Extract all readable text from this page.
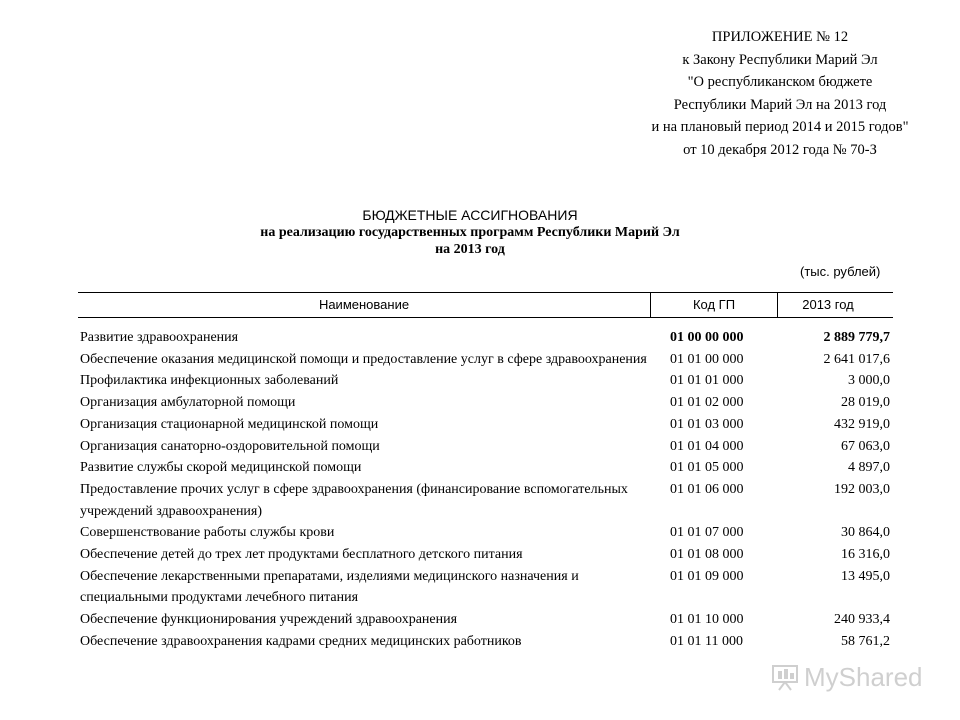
ПРИЛОЖЕНИЕ № 12
к Закону Республики Марий Эл
"О республиканском бюджете
Республики Марий Эл на 2013 год
и на плановый период 2014 и 2015 годов"
от 10 декабря 2012 года № 70-З
БЮДЖЕТНЫЕ АССИГНОВАНИЯ
на реализацию государственных программ Республики Марий Эл
на 2013 год
(тыс. рублей)
Наименование	Код ГП	2013 год
Развитие здравоохранения	01 00 00 000	2 889 779,7
Обеспечение оказания медицинской помощи и предоставление услуг в сфере здравоохранения 01 01 00 000	2 641 017,6
Профилактика инфекционных заболеваний	01 01 01 000	3 000,0
Организация амбулаторной помощи	01 01 02 000	28 019,0
Организация стационарной медицинской помощи	01 01 03 000	432 919,0
Организация санаторно-оздоровительной помощи	01 01 04 000	67 063,0
Развитие службы скорой медицинской помощи	01 01 05 000	4 897,0
Предоставление прочих услуг в сфере здравоохранения (финансирование вспомогательных учреждений здравоохранения)
01 01 06 000	192 003,0
Совершенствование работы службы крови	01 01 07 000	30 864,0
Обеспечение детей до трех лет продуктами бесплатного детского питания	01 01 08 000	16 316,0
Обеспечение лекарственными препаратами, изделиями медицинского назначения и специальными продуктами лечебного питания
01 01 09 000	13 495,0
Обеспечение функционирования учреждений здравоохранения	01 01 10 000	240 933,4
Обеспечение здравоохранения кадрами средних медицинских работников	01 01 11 000	58 761,2
MyShared
